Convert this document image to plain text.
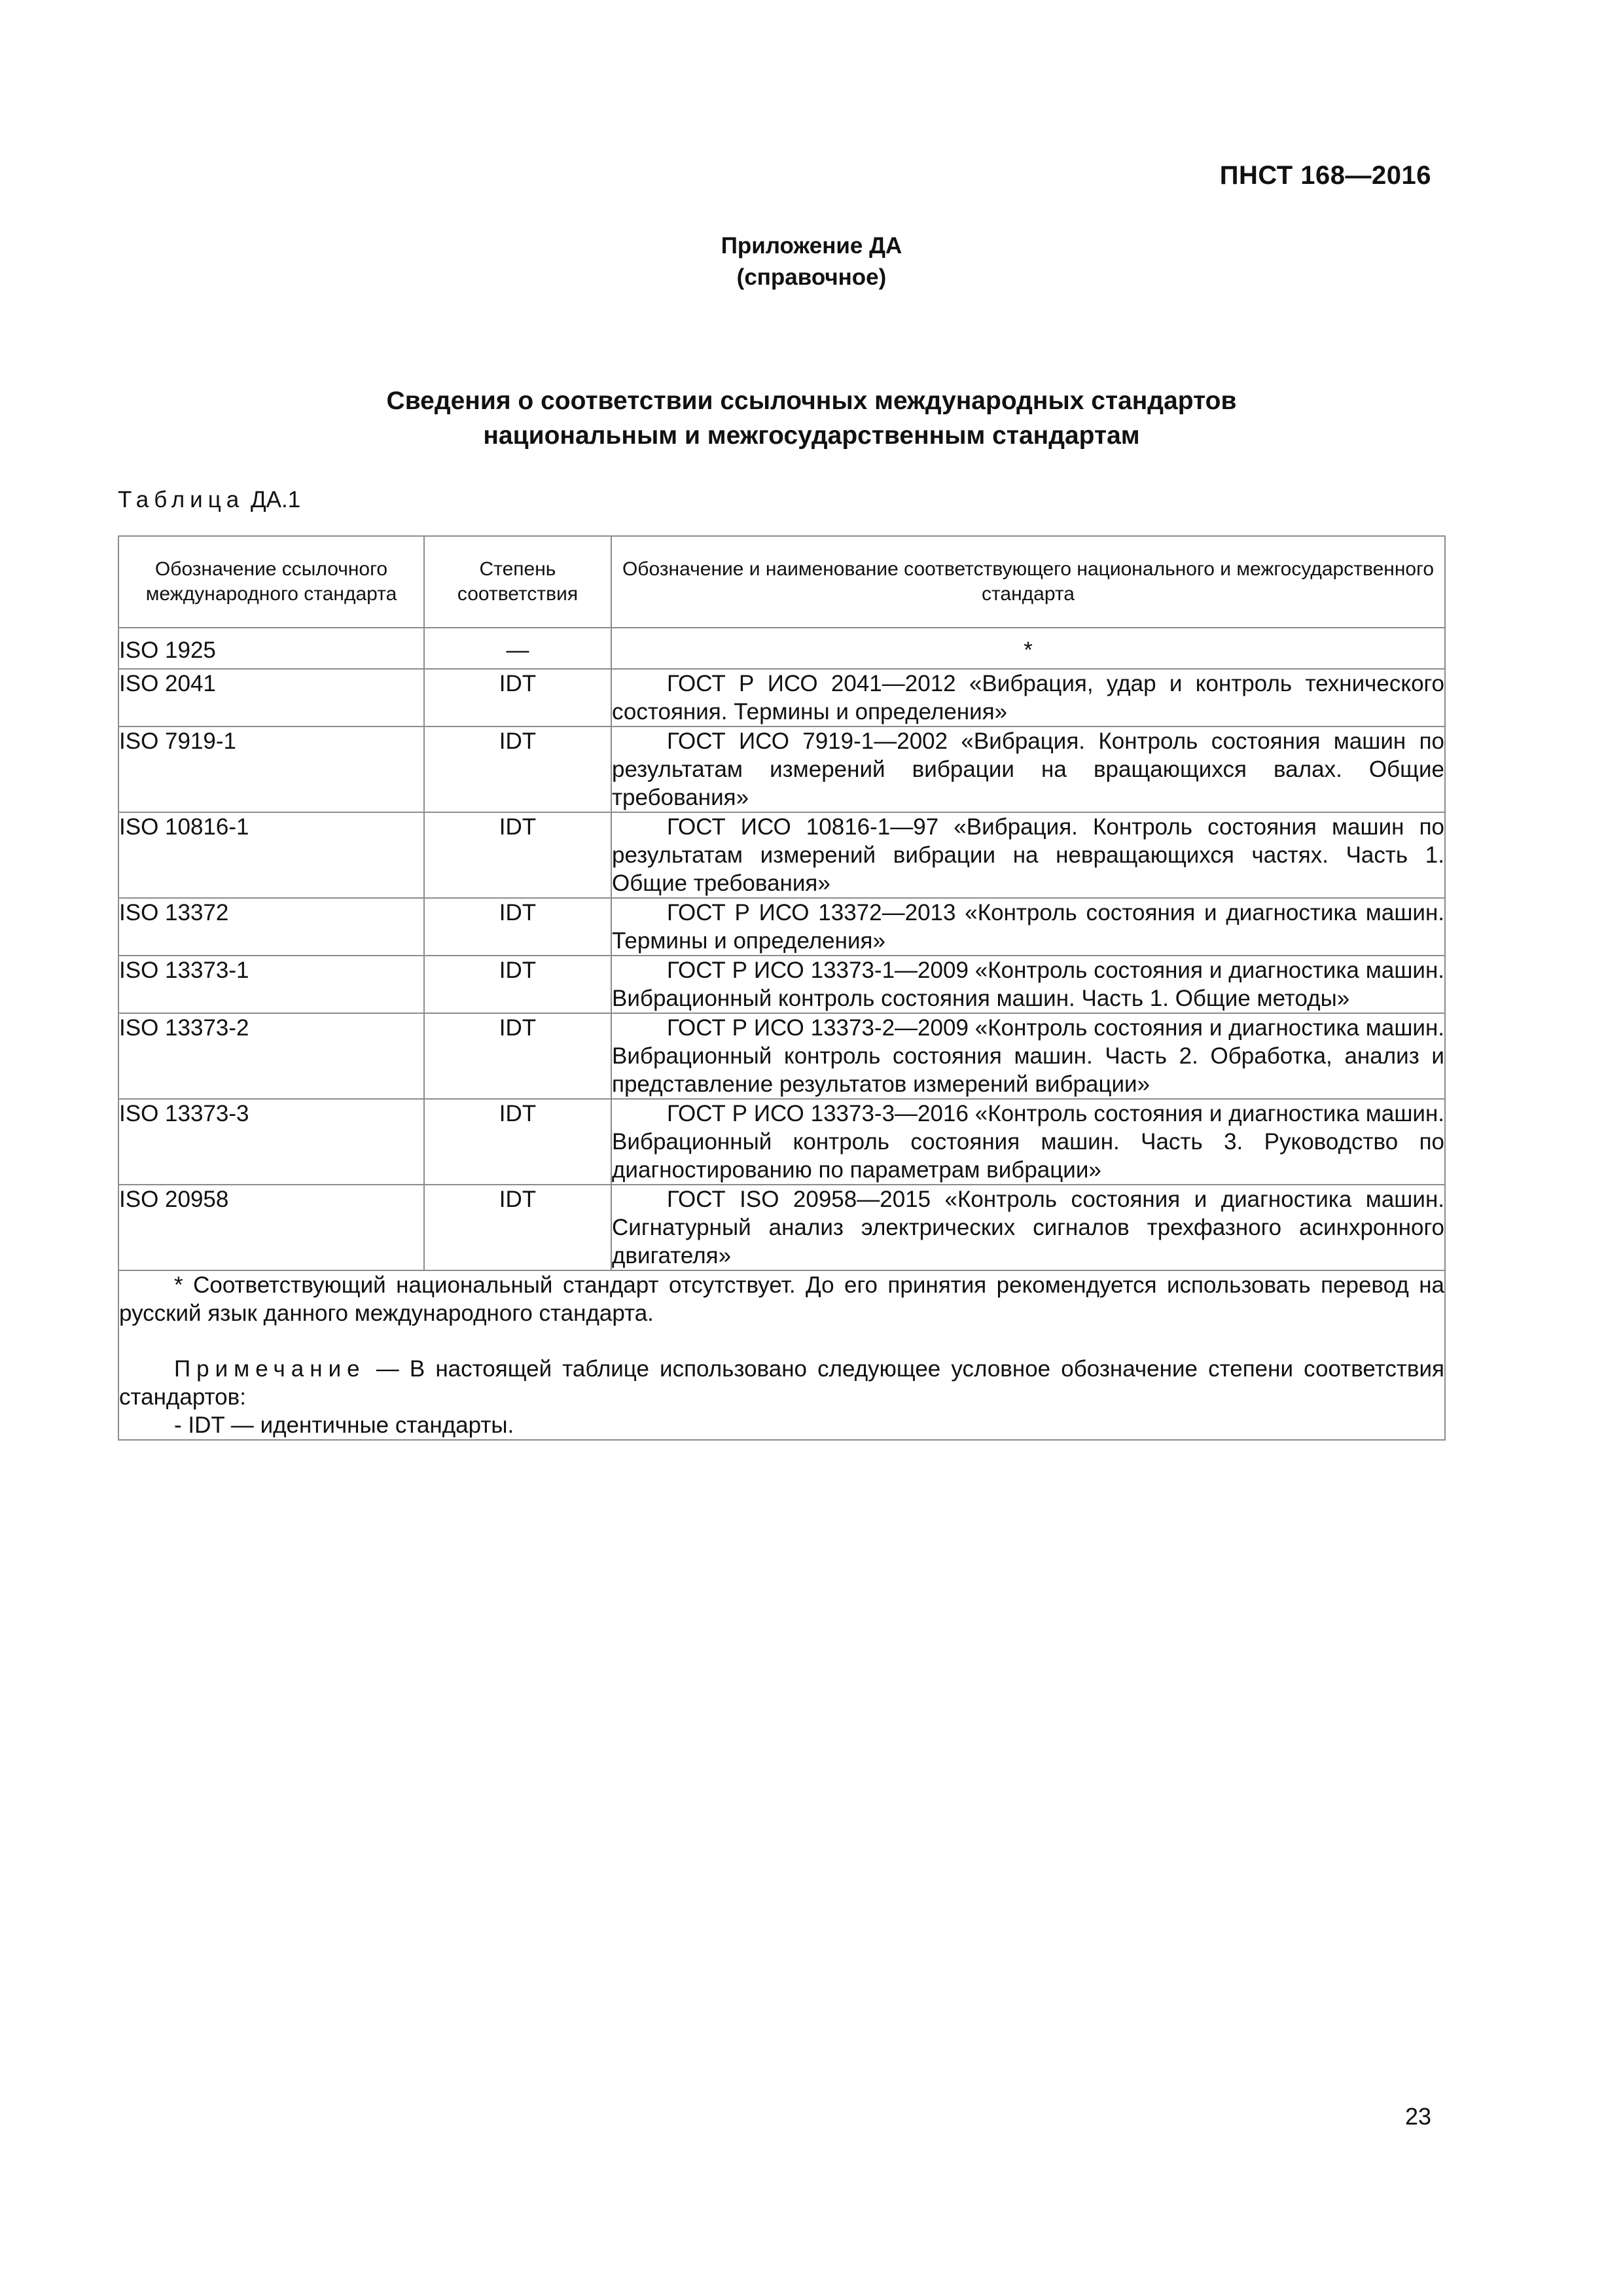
ПНСТ 168—2016
Приложение ДА
(справочное)
Сведения о соответствии ссылочных международных стандартов
национальным и межгосударственным стандартам
Таблица ДА.1
Обозначение ссылочного международного стандарта	Степень соответствия	Обозначение и наименование соответствующего национального и межгосударственного стандарта
ISO 1925	—	*
ISO 2041	IDT	ГОСТ Р ИСО 2041—2012 «Вибрация, удар и контроль технического состояния. Термины и определения»
ISO 7919-1	IDT	ГОСТ ИСО 7919-1—2002 «Вибрация. Контроль состояния машин по результатам измерений вибрации на вращающихся валах. Общие требования»
ISO 10816-1	IDT	ГОСТ ИСО 10816-1—97 «Вибрация. Контроль состояния машин по результатам измерений вибрации на невращающихся частях. Часть 1. Общие требования»
ISO 13372	IDT	ГОСТ Р ИСО 13372—2013 «Контроль состояния и диагностика машин. Термины и определения»
ISO 13373-1	IDT	ГОСТ Р ИСО 13373-1—2009 «Контроль состояния и диагностика машин. Вибрационный контроль состояния машин. Часть 1. Общие методы»
ISO 13373-2	IDT	ГОСТ Р ИСО 13373-2—2009 «Контроль состояния и диагностика машин. Вибрационный контроль состояния машин. Часть 2. Обработка, анализ и представление результатов измерений вибрации»
ISO 13373-3	IDT	ГОСТ Р ИСО 13373-3—2016 «Контроль состояния и диагностика машин. Вибрационный контроль состояния машин. Часть 3. Руководство по диагностированию по параметрам вибрации»
ISO 20958	IDT	ГОСТ ISO 20958—2015 «Контроль состояния и диагностика машин. Сигнатурный анализ электрических сигналов трехфазного асинхронного двигателя»

* Соответствующий национальный стандарт отсутствует. До его принятия рекомендуется использовать перевод на русский язык данного международного стандарта.

Примечание — В настоящей таблице использовано следующее условное обозначение степени соответствия стандартов:

- IDT — идентичные стандарты.		
23
